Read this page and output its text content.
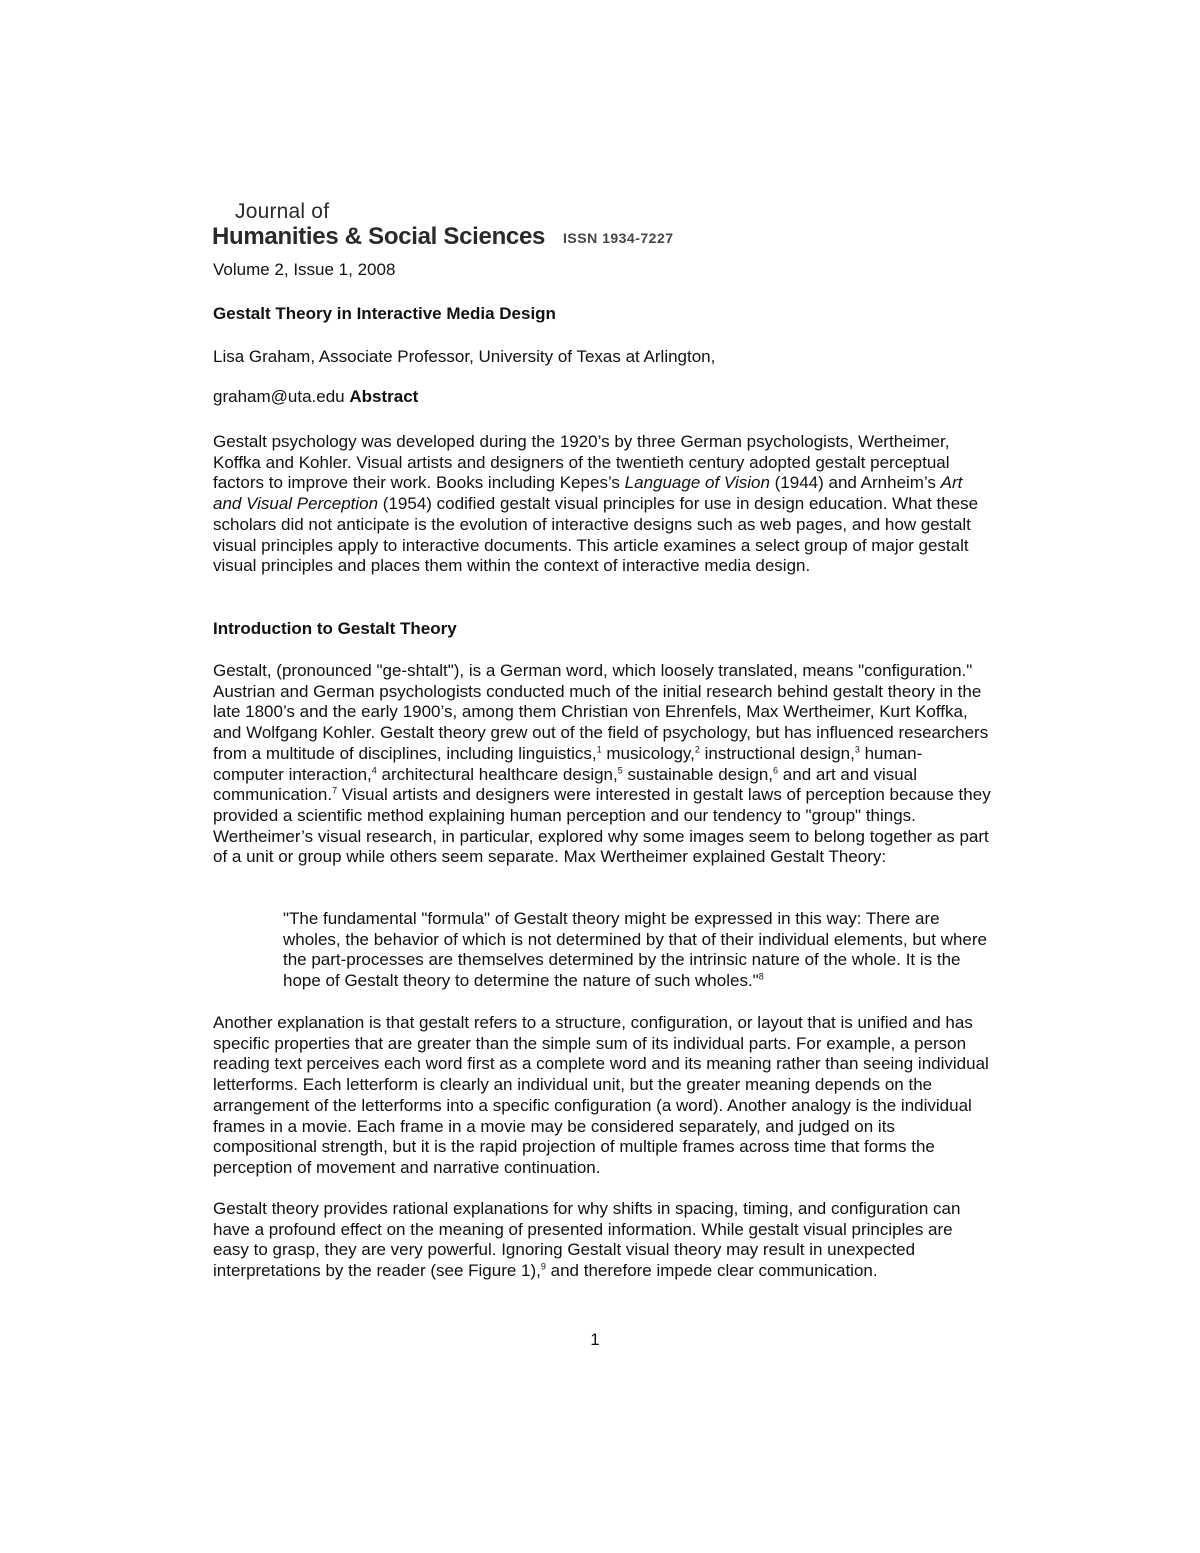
Journal of
Humanities & Social Sciences ISSN 1934-7227
Volume 2, Issue 1, 2008
Gestalt Theory in Interactive Media Design
Lisa Graham, Associate Professor, University of Texas at Arlington,
graham@uta.edu Abstract

Gestalt psychology was developed during the 1920’s by three German psychologists, Wertheimer, Koffka and Kohler. Visual artists and designers of the twentieth century adopted gestalt perceptual factors to improve their work. Books including Kepes’s Language of Vision (1944) and Arnheim’s Art and Visual Perception (1954) codified gestalt visual principles for use in design education. What these scholars did not anticipate is the evolution of interactive designs such as web pages, and how gestalt visual principles apply to interactive documents. This article examines a select group of major gestalt visual principles and places them within the context of interactive media design.

Introduction to Gestalt Theory

Gestalt, (pronounced "ge-shtalt"), is a German word, which loosely translated, means "configuration." Austrian and German psychologists conducted much of the initial research behind gestalt theory in the late 1800’s and the early 1900’s, among them Christian von Ehrenfels, Max Wertheimer, Kurt Koffka, and Wolfgang Kohler. Gestalt theory grew out of the field of psychology, but has influenced researchers from a multitude of disciplines, including linguistics,$^1$ musicology,$^2$ instructional design,$^3$ human-computer interaction,$^4$ architectural healthcare design,$^5$ sustainable design,$^6$ and art and visual communication.$^7$ Visual artists and designers were interested in gestalt laws of perception because they provided a scientific method explaining human perception and our tendency to "group" things. Wertheimer’s visual research, in particular, explored why some images seem to belong together as part of a unit or group while others seem separate. Max Wertheimer explained Gestalt Theory:

"The fundamental "formula" of Gestalt theory might be expressed in this way: There are wholes, the behavior of which is not determined by that of their individual elements, but where the part-processes are themselves determined by the intrinsic nature of the whole. It is the hope of Gestalt theory to determine the nature of such wholes."$^8$

Another explanation is that gestalt refers to a structure, configuration, or layout that is unified and has specific properties that are greater than the simple sum of its individual parts. For example, a person reading text perceives each word first as a complete word and its meaning rather than seeing individual letterforms. Each letterform is clearly an individual unit, but the greater meaning depends on the arrangement of the letterforms into a specific configuration (a word). Another analogy is the individual frames in a movie. Each frame in a movie may be considered separately, and judged on its compositional strength, but it is the rapid projection of multiple frames across time that forms the perception of movement and narrative continuation.

Gestalt theory provides rational explanations for why shifts in spacing, timing, and configuration can have a profound effect on the meaning of presented information. While gestalt visual principles are easy to grasp, they are very powerful. Ignoring Gestalt visual theory may result in unexpected interpretations by the reader (see Figure 1),$^9$ and therefore impede clear communication.

1
